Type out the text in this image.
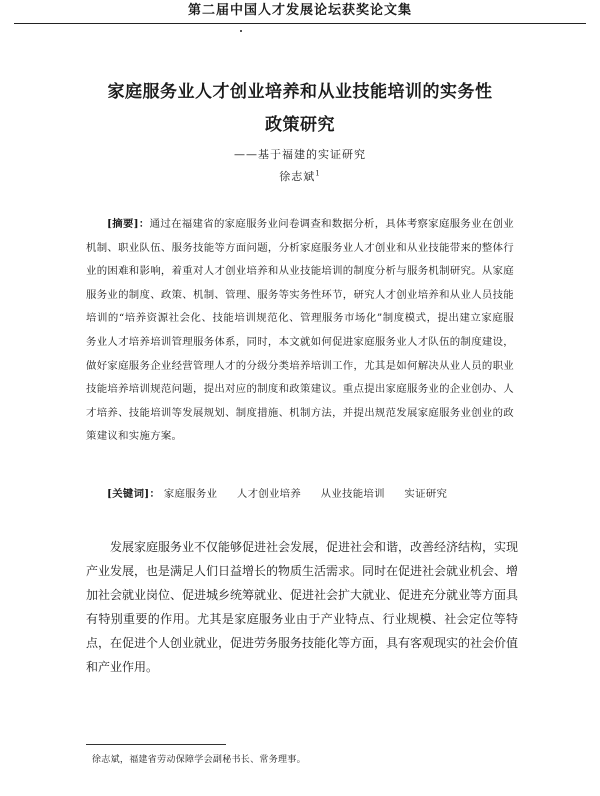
第二届中国人才发展论坛获奖论文集
家庭服务业人才创业培养和从业技能培训的实务性
政策研究
——基于福建的实证研究
徐志斌$^1$
[摘要]：通过在福建省的家庭服务业问卷调查和数据分析，具体考察家庭服务业在创业机制、职业队伍、服务技能等方面问题，分析家庭服务业人才创业和从业技能带来的整体行业的困难和影响，着重对人才创业培养和从业技能培训的制度分析与服务机制研究。从家庭服务业的制度、政策、机制、管理、服务等实务性环节，研究人才创业培养和从业人员技能培训的“培养资源社会化、技能培训规范化、管理服务市场化”制度模式，提出建立家庭服务业人才培养培训管理服务体系，同时，本文就如何促进家庭服务业人才队伍的制度建设，做好家庭服务企业经营管理人才的分级分类培养培训工作，尤其是如何解决从业人员的职业技能培养培训规范问题，提出对应的制度和政策建议。重点提出家庭服务业的企业创办、人才培养、技能培训等发展规划、制度措施、机制方法，并提出规范发展家庭服务业创业的政策建议和实施方案。
[关键词]： 家庭服务业 人才创业培养 从业技能培训 实证研究
发展家庭服务业不仅能够促进社会发展，促进社会和谐，改善经济结构，实现产业发展，也是满足人们日益增长的物质生活需求。同时在促进社会就业机会、增加社会就业岗位、促进城乡统筹就业、促进社会扩大就业、促进充分就业等方面具有特别重要的作用。尤其是家庭服务业由于产业特点、行业规模、社会定位等特点，在促进个人创业就业，促进劳务服务技能化等方面，具有客观现实的社会价值和产业作用。
徐志斌，福建省劳动保障学会副秘书长、常务理事。
